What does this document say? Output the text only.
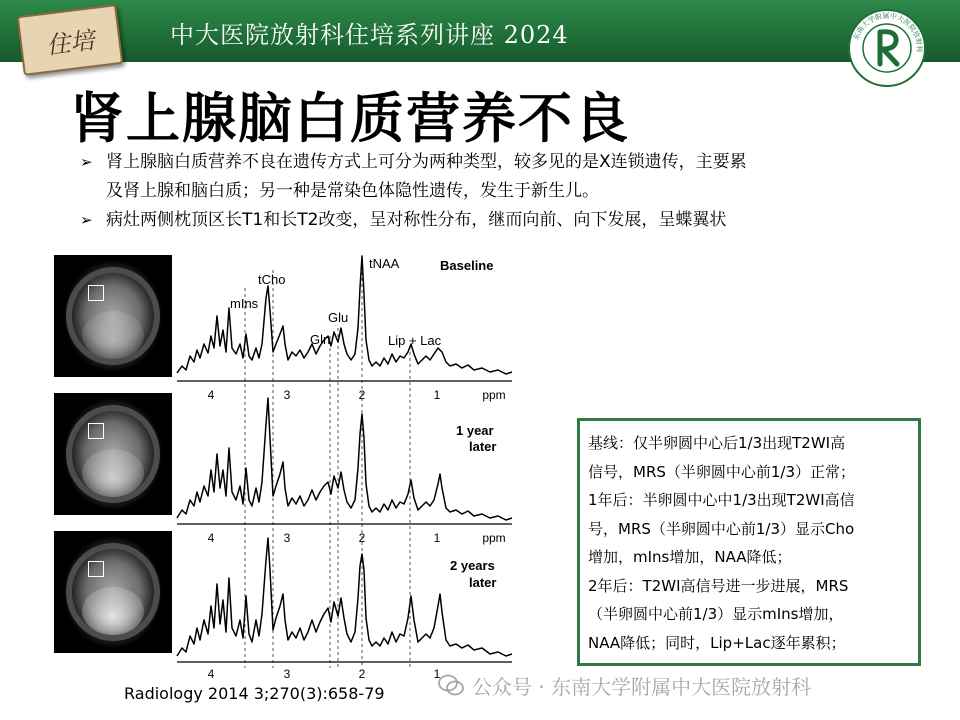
住培	中大医院放射科住培系列讲座 2024	东南大学附属中大医院放射科
肾上腺脑白质营养不良
➢ 肾上腺脑白质营养不良在遗传方式上可分为两种类型，较多见的是X连锁遗传，主要累
及肾上腺和脑白质；另一种是常染色体隐性遗传，发生于新生儿。
➢ 病灶两侧枕顶区长T1和长T2改变，呈对称性分布，继而向前、向下发展，呈蝶翼状
mIns
tCho
Gln
Glu
tNAA
Lip + Lac
Baseline
1 year
later
2 years
later
4	3	2	1	ppm
4	3	2	1	ppm
4	3	2	1
Radiology 2014 3;270(3):658-79
基线：仅半卵圆中心后1/3出现T2WI高
信号，MRS（半卵圆中心前1/3）正常；
1年后：半卵圆中心中1/3出现T2WI高信
号，MRS（半卵圆中心前1/3）显示Cho
增加，mIns增加，NAA降低；
2年后：T2WI高信号进一步进展，MRS
（半卵圆中心前1/3）显示mIns增加，
NAA降低；同时，Lip+Lac逐年累积；
公众号 · 东南大学附属中大医院放射科
